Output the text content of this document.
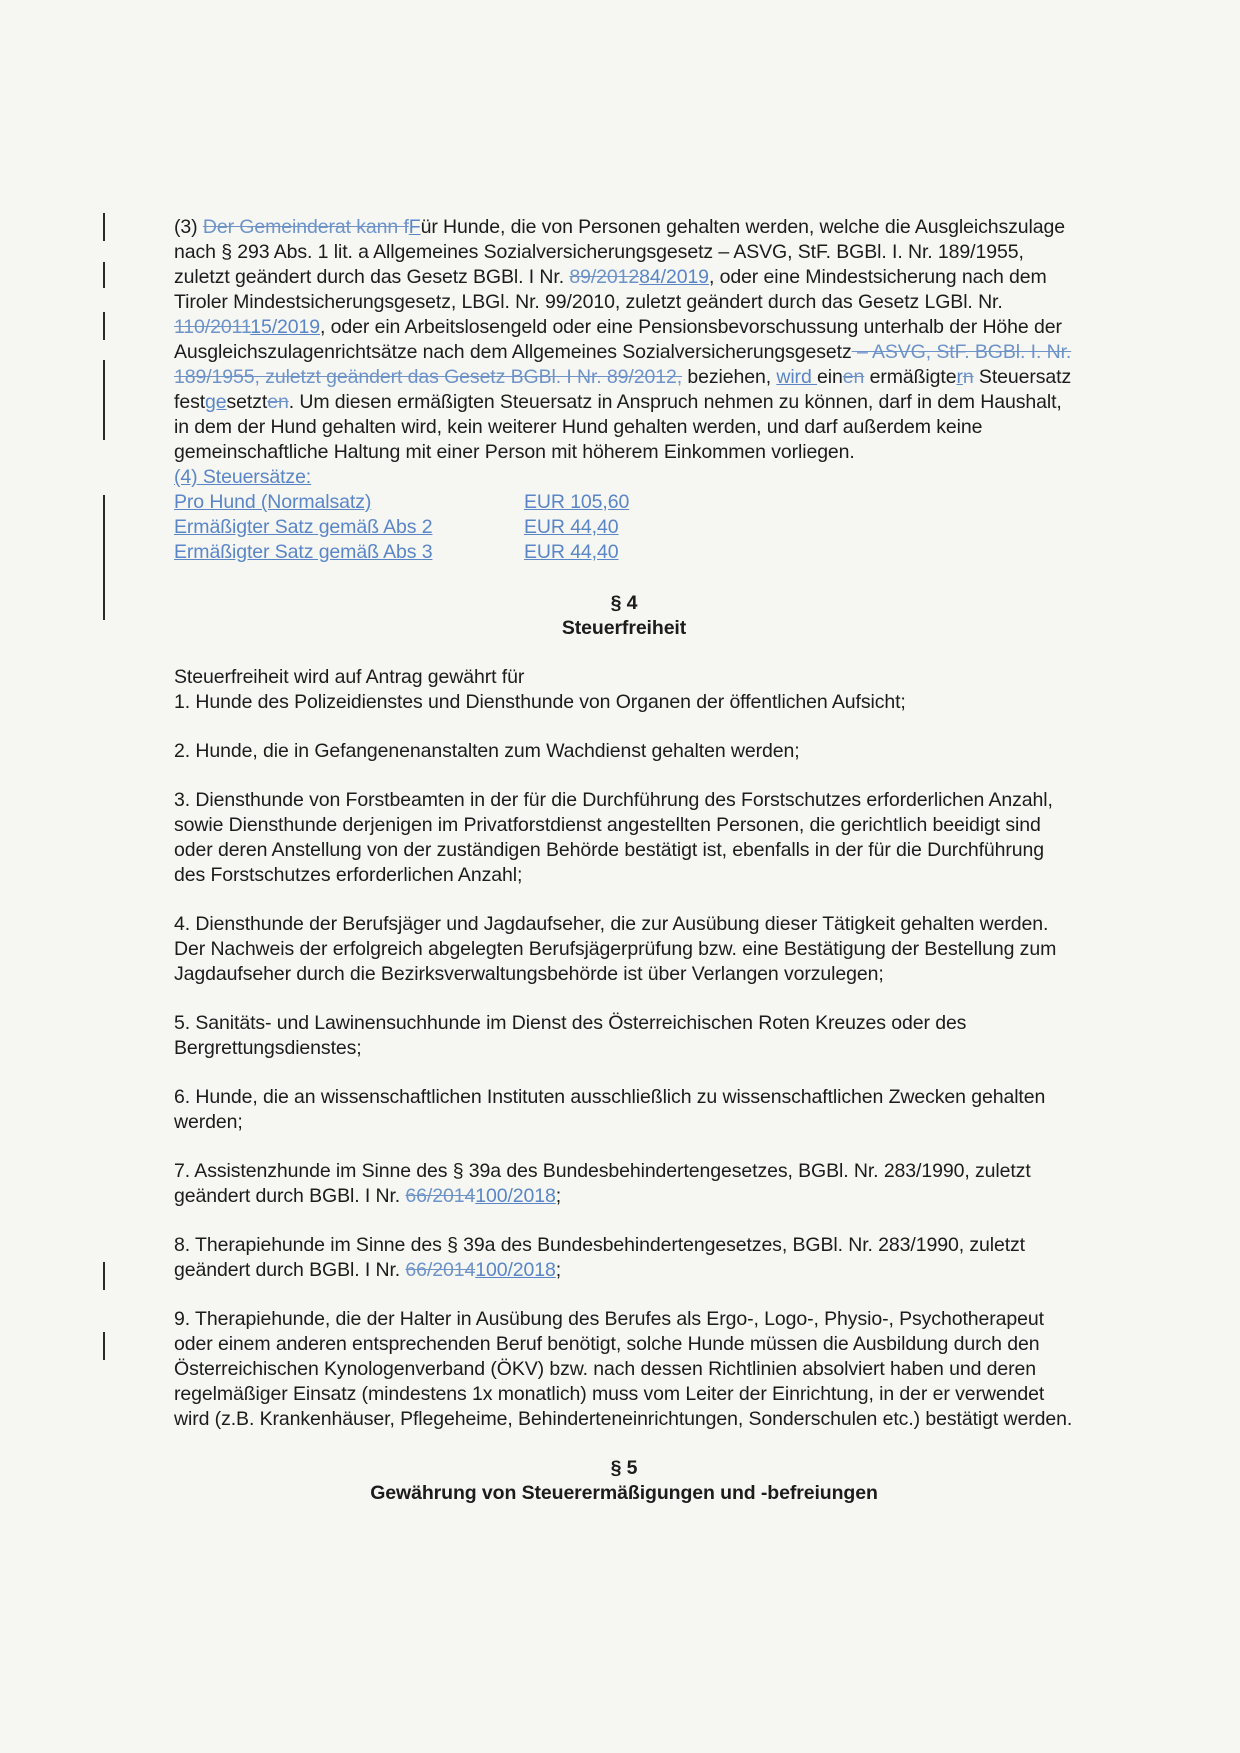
(3) Der Gemeinderat kann fFür Hunde, die von Personen gehalten werden, welche die Ausgleichszulage nach § 293 Abs. 1 lit. a Allgemeines Sozialversicherungsgesetz – ASVG, StF. BGBl. I. Nr. 189/1955, zuletzt geändert durch das Gesetz BGBl. I Nr. 89/201284/2019, oder eine Mindestsicherung nach dem Tiroler Mindestsicherungsgesetz, LBGl. Nr. 99/2010, zuletzt geändert durch das Gesetz LGBl. Nr. 110/201115/2019, oder ein Arbeitslosengeld oder eine Pensionsbevorschussung unterhalb der Höhe der Ausgleichszulagenrichtsätze nach dem Allgemeines Sozialversicherungsgesetz – ASVG, StF. BGBl. I. Nr. 189/1955, zuletzt geändert das Gesetz BGBl. I Nr. 89/2012, beziehen, wird einen ermäßigtern Steuersatz festgesetzten. Um diesen ermäßigten Steuersatz in Anspruch nehmen zu können, darf in dem Haushalt, in dem der Hund gehalten wird, kein weiterer Hund gehalten werden, und darf außerdem keine gemeinschaftliche Haltung mit einer Person mit höherem Einkommen vorliegen.

(4) Steuersätze:
Pro Hund (Normalsatz)	EUR 105,60
Ermäßigter Satz gemäß Abs 2	EUR 44,40
Ermäßigter Satz gemäß Abs 3	EUR 44,40
§ 4
Steuerfreiheit

Steuerfreiheit wird auf Antrag gewährt für

1. Hunde des Polizeidienstes und Diensthunde von Organen der öffentlichen Aufsicht;

2. Hunde, die in Gefangenenanstalten zum Wachdienst gehalten werden;

3. Diensthunde von Forstbeamten in der für die Durchführung des Forstschutzes erforderlichen Anzahl, sowie Diensthunde derjenigen im Privatforstdienst angestellten Personen, die gerichtlich beeidigt sind oder deren Anstellung von der zuständigen Behörde bestätigt ist, ebenfalls in der für die Durchführung des Forstschutzes erforderlichen Anzahl;

4. Diensthunde der Berufsjäger und Jagdaufseher, die zur Ausübung dieser Tätigkeit gehalten werden. Der Nachweis der erfolgreich abgelegten Berufsjägerprüfung bzw. eine Bestätigung der Bestellung zum Jagdaufseher durch die Bezirksverwaltungsbehörde ist über Verlangen vorzulegen;

5. Sanitäts- und Lawinensuchhunde im Dienst des Österreichischen Roten Kreuzes oder des Bergrettungsdienstes;

6. Hunde, die an wissenschaftlichen Instituten ausschließlich zu wissenschaftlichen Zwecken gehalten werden;

7. Assistenzhunde im Sinne des § 39a des Bundesbehindertengesetzes, BGBl. Nr. 283/1990, zuletzt geändert durch BGBl. I Nr. 66/2014100/2018;

8. Therapiehunde im Sinne des § 39a des Bundesbehindertengesetzes, BGBl. Nr. 283/1990, zuletzt geändert durch BGBl. I Nr. 66/2014100/2018;

9. Therapiehunde, die der Halter in Ausübung des Berufes als Ergo-, Logo-, Physio-, Psychotherapeut oder einem anderen entsprechenden Beruf benötigt, solche Hunde müssen die Ausbildung durch den Österreichischen Kynologenverband (ÖKV) bzw. nach dessen Richtlinien absolviert haben und deren regelmäßiger Einsatz (mindestens 1x monatlich) muss vom Leiter der Einrichtung, in der er verwendet wird (z.B. Krankenhäuser, Pflegeheime, Behinderteneinrichtungen, Sonderschulen etc.) bestätigt werden.

§ 5
Gewährung von Steuerermäßigungen und -befreiungen
